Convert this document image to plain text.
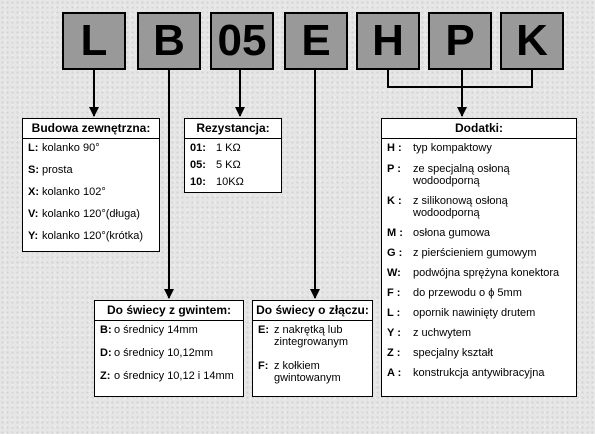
L	B 05 E H P K
Budowa zewnętrzna:
L: kolanko 90°
S: prosta
X: kolanko 102°
V: kolanko 120°(długa)
Y: kolanko 120°(krótka)
Rezystancja:
01: 1 KΩ
05: 5 KΩ
10: 10KΩ
Dodatki:
H :	typ kompaktowy
P :	ze specjalną osłoną
wodoodporną
K :	z silikonową osłoną
wodoodporną
M : osłona gumowa
G : z pierścieniem gumowym
W:	podwójna sprężyna konektora
F :	do przewodu o ϕ 5mm
L :	opornik nawinięty drutem
Y :	z uchwytem
Z :	specjalny kształt
A :	konstrukcja antywibracyjna
Do świecy z gwintem:
B: o średnicy 14mm
D: o średnicy 10,12mm
Z: o średnicy 10,12 i 14mm
Do świecy o złączu:
E: z nakrętką lub
zintegrowanym
F: z kołkiem
gwintowanym
